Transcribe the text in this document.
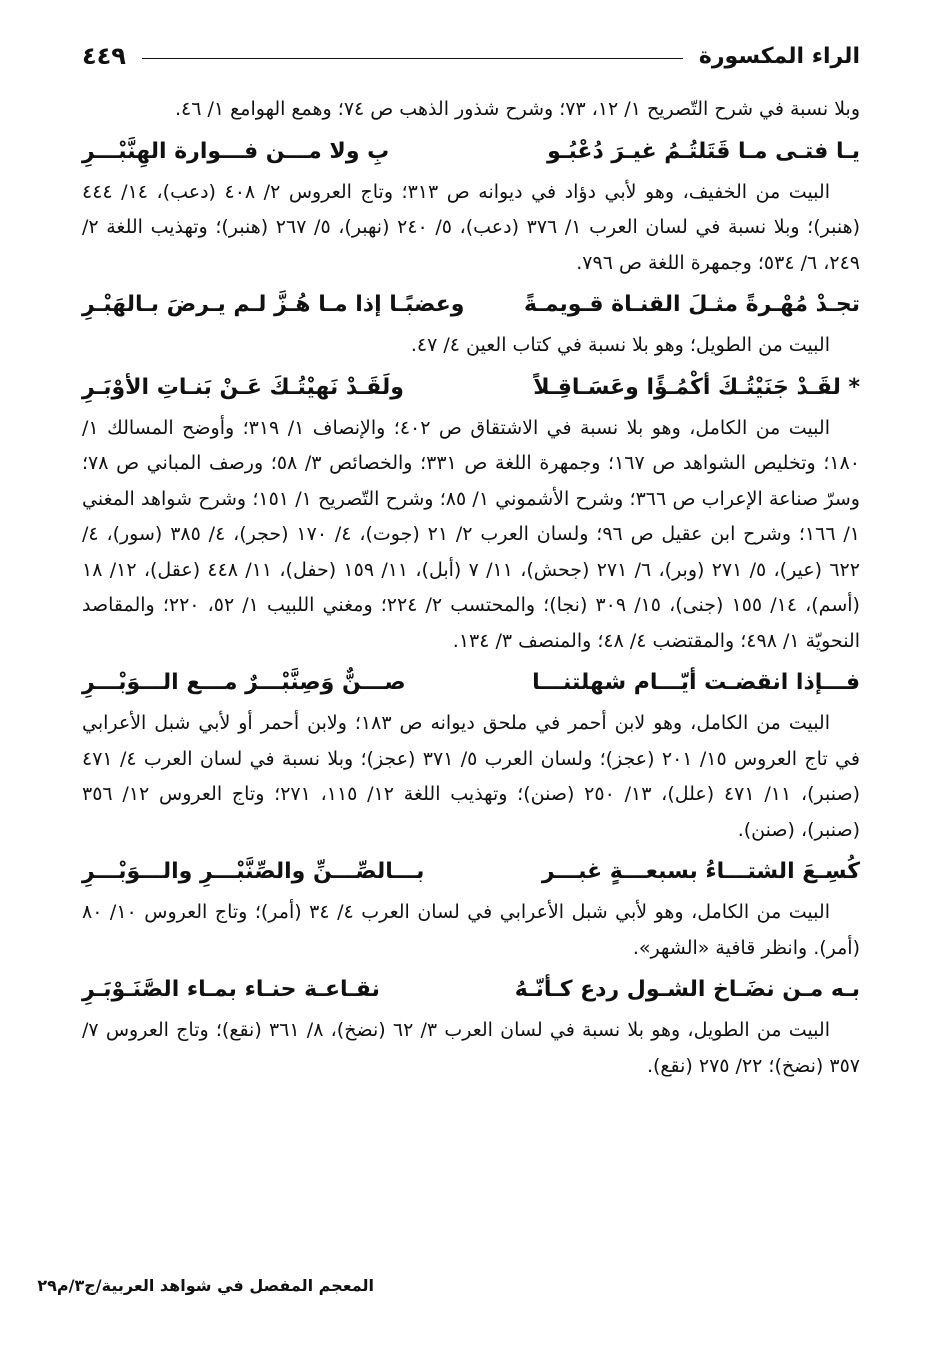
الراء المكسورة
٤٤٩

وبلا نسبة في شرح التّصريح ١/ ١٢، ٧٣؛ وشرح شذور الذهب ص ٧٤؛ وهمع الهوامع ١/ ٤٦.

يـا فتـى مـا قَتَلتُـمُ غيـرَ دُعْبُـو
بِ ولا مـــن فـــوارة الهِنَّبْـــرِ

البيت من الخفيف، وهو لأبي دؤاد في ديوانه ص ٣١٣؛ وتاج العروس ٢/ ٤٠٨ (دعب)، ١٤/ ٤٤٤ (هنبر)؛ وبلا نسبة في لسان العرب ١/ ٣٧٦ (دعب)، ٥/ ٢٤٠ (نهبر)، ٥/ ٢٦٧ (هنبر)؛ وتهذيب اللغة ٢/ ٢٤٩، ٦/ ٥٣٤؛ وجمهرة اللغة ص ٧٩٦.

تجـدْ مُهْـرةً مثـلَ القنـاة قـويمـةً
وعضبًـا إذا مـا هُـزَّ لـم يـرضَ بـالهَبْـرِ

البيت من الطويل؛ وهو بلا نسبة في كتاب العين ٤/ ٤٧.

* لقَـدْ جَنَيْتُـكَ أكْمُـؤًا وعَسَـاقِـلاً
ولَقَـدْ نَهيْتُـكَ عَـنْ بَنـاتِ الأوْبَـرِ

البيت من الكامل، وهو بلا نسبة في الاشتقاق ص ٤٠٢؛ والإنصاف ١/ ٣١٩؛ وأوضح المسالك ١/ ١٨٠؛ وتخليص الشواهد ص ١٦٧؛ وجمهرة اللغة ص ٣٣١؛ والخصائص ٣/ ٥٨؛ ورصف المباني ص ٧٨؛ وسرّ صناعة الإعراب ص ٣٦٦؛ وشرح الأشموني ١/ ٨٥؛ وشرح التّصريح ١/ ١٥١؛ وشرح شواهد المغني ١/ ١٦٦؛ وشرح ابن عقيل ص ٩٦؛ ولسان العرب ٢/ ٢١ (جوت)، ٤/ ١٧٠ (حجر)، ٤/ ٣٨٥ (سور)، ٤/ ٦٢٢ (عير)، ٥/ ٢٧١ (وبر)، ٦/ ٢٧١ (جحش)، ١١/ ٧ (أبل)، ١١/ ١٥٩ (حفل)، ١١/ ٤٤٨ (عقل)، ١٢/ ١٨ (أسم)، ١٤/ ١٥٥ (جنى)، ١٥/ ٣٠٩ (نجا)؛ والمحتسب ٢/ ٢٢٤؛ ومغني اللبيب ١/ ٥٢، ٢٢٠؛ والمقاصد النحويّة ١/ ٤٩٨؛ والمقتضب ٤/ ٤٨؛ والمنصف ٣/ ١٣٤.

فـــإذا انقضـت أيّـــام شهلتنـــا
صـــنٌّ وَصِنَّبْـــرٌ مـــع الـــوَبْـــرِ

البيت من الكامل، وهو لابن أحمر في ملحق ديوانه ص ١٨٣؛ ولابن أحمر أو لأبي شبل الأعرابي في تاج العروس ١٥/ ٢٠١ (عجز)؛ ولسان العرب ٥/ ٣٧١ (عجز)؛ وبلا نسبة في لسان العرب ٤/ ٤٧١ (صنبر)، ١١/ ٤٧١ (علل)، ١٣/ ٢٥٠ (صنن)؛ وتهذيب اللغة ١٢/ ١١٥، ٢٧١؛ وتاج العروس ١٢/ ٣٥٦ (صنبر)، (صنن).

كُسِـعَ الشتـــاءُ بسبعـــةٍ غبـــر
بـــالصِّـــنِّ والصِّنَّبْـــرِ والـــوَبْـــرِ

البيت من الكامل، وهو لأبي شبل الأعرابي في لسان العرب ٤/ ٣٤ (أمر)؛ وتاج العروس ١٠/ ٨٠ (أمر). وانظر قافية «الشهر».

بـه مـن نضَـاخ الشـول ردع كـأنّـهُ
نقـاعـة حنـاء بمـاء الصَّنَـوْبَـرِ

البيت من الطويل، وهو بلا نسبة في لسان العرب ٣/ ٦٢ (نضخ)، ٨/ ٣٦١ (نقع)؛ وتاج العروس ٧/ ٣٥٧ (نضخ)؛ ٢٢/ ٢٧٥ (نقع).

المعجم المفصل في شواهد العربية/ج٣/م٢٩
